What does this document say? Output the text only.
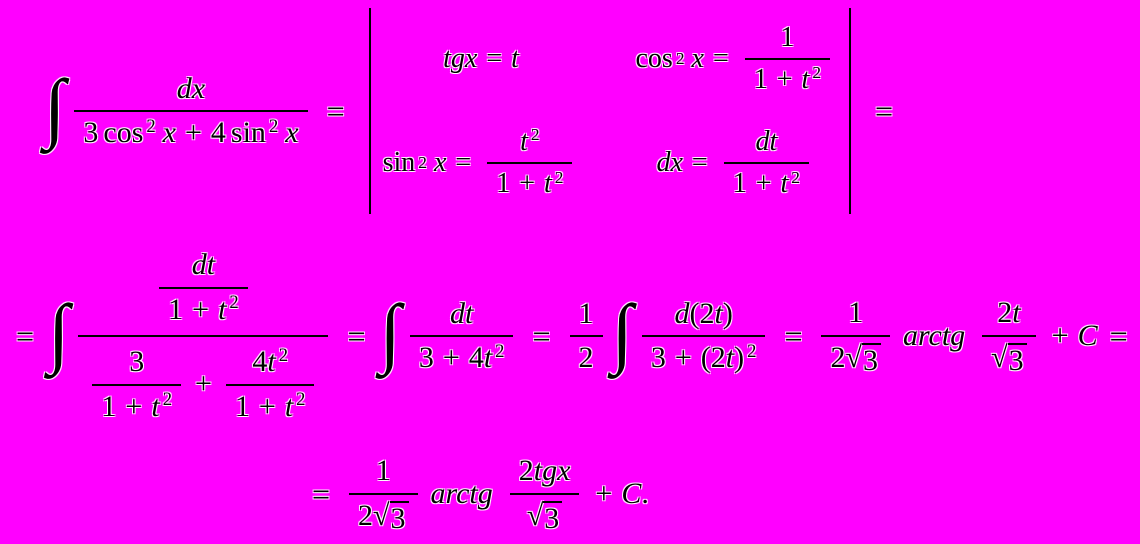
∫ $\frac{dx}{3 \cos ^2 x + 4 \sin ^2 x}$ =
tgx = t	cos 2 $x = \frac{1}{1 + t ^2}$
sin 2 $x = \frac{t ^2}{1 + t ^2}$	dx = $\frac{dt}{1 + t ^2}$
=
= ∫
$\frac{dt}{1 + t ^2}$
$\frac{3}{1 + t ^2} + \frac{4t ^2}{1 + t ^2}$
= ∫ $\frac{dt}{3 + 4t ^2} = \frac{1}{2}$ ∫ $\frac{d(2t)}{3 + (2t) ^2} = \frac{1}{2 √ 3}$ arctg $\frac{2t}{√ 3} + C$ =
= $\frac{1}{2 √ 3}$ arctg $\frac{\text{2tgx}}{√ 3} + C$ .
